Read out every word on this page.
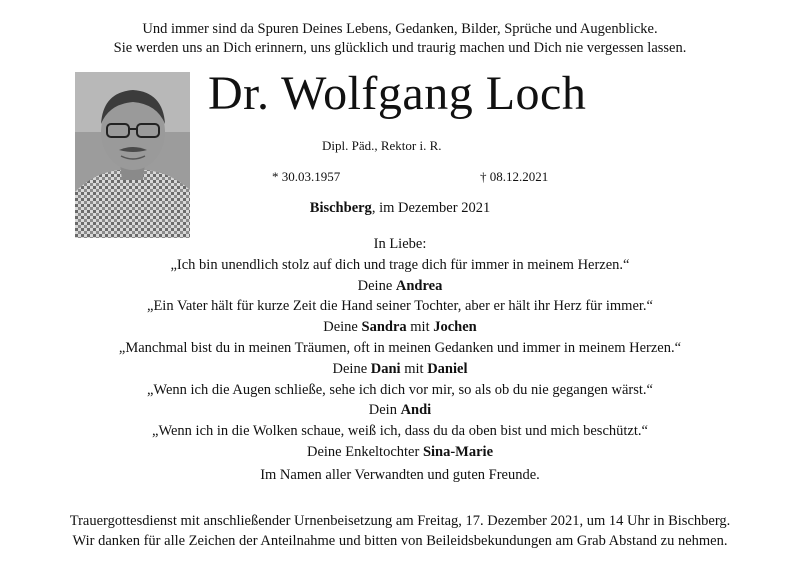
Und immer sind da Spuren Deines Lebens, Gedanken, Bilder, Sprüche und Augenblicke.
Sie werden uns an Dich erinnern, uns glücklich und traurig machen und Dich nie vergessen lassen.
Dr. Wolfgang Loch
Dipl. Päd., Rektor i. R.
* 30.03.1957	† 08.12.2021
Bischberg, im Dezember 2021
In Liebe:
„Ich bin unendlich stolz auf dich und trage dich für immer in meinem Herzen.“
Deine Andrea
„Ein Vater hält für kurze Zeit die Hand seiner Tochter, aber er hält ihr Herz für immer.“
Deine Sandra mit Jochen
„Manchmal bist du in meinen Träumen, oft in meinen Gedanken und immer in meinem Herzen.“
Deine Dani mit Daniel
„Wenn ich die Augen schließe, sehe ich dich vor mir, so als ob du nie gegangen wärst.“
Dein Andi
„Wenn ich in die Wolken schaue, weiß ich, dass du da oben bist und mich beschützt.“
Deine Enkeltochter Sina-Marie
Im Namen aller Verwandten und guten Freunde.
Trauergottesdienst mit anschließender Urnenbeisetzung am Freitag, 17. Dezember 2021, um 14 Uhr in Bischberg.
Wir danken für alle Zeichen der Anteilnahme und bitten von Beileidsbekundungen am Grab Abstand zu nehmen.
